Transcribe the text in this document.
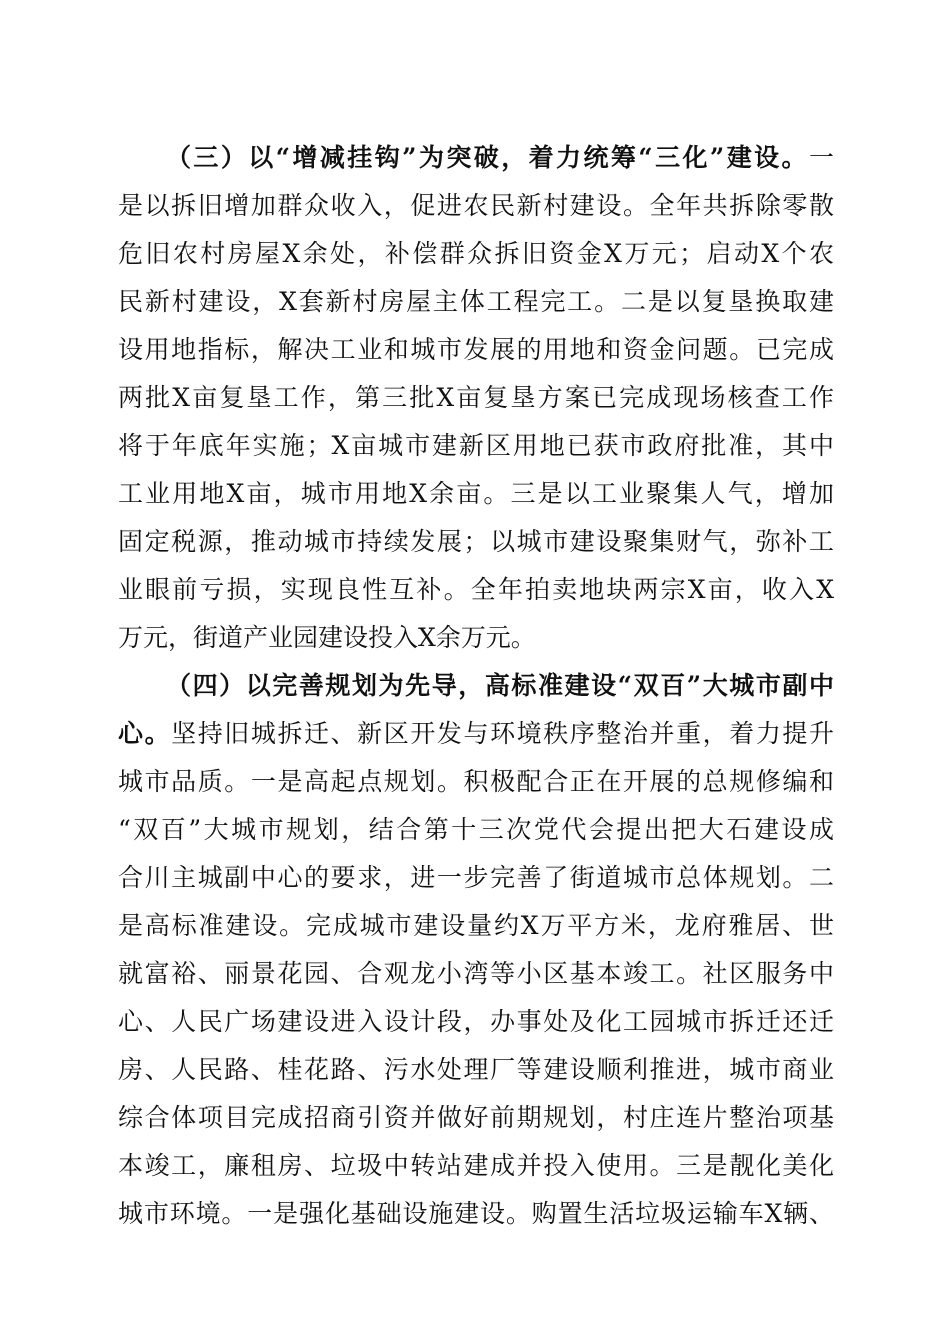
（三）以“增减挂钩”为突破，着力统筹“三化”建设。一
是以拆旧增加群众收入，促进农民新村建设。全年共拆除零散
危旧农村房屋X余处，补偿群众拆旧资金X万元；启动X个农
民新村建设，X套新村房屋主体工程完工。二是以复垦换取建
设用地指标，解决工业和城市发展的用地和资金问题。已完成
两批X亩复垦工作，第三批X亩复垦方案已完成现场核查工作
将于年底年实施；X亩城市建新区用地已获市政府批准，其中
工业用地X亩，城市用地X余亩。三是以工业聚集人气，增加
固定税源，推动城市持续发展；以城市建设聚集财气，弥补工
业眼前亏损，实现良性互补。全年拍卖地块两宗X亩，收入X
万元，街道产业园建设投入X余万元。
（四）以完善规划为先导，高标准建设“双百”大城市副中
心。坚持旧城拆迁、新区开发与环境秩序整治并重，着力提升
城市品质。一是高起点规划。积极配合正在开展的总规修编和
“双百”大城市规划，结合第十三次党代会提出把大石建设成
合川主城副中心的要求，进一步完善了街道城市总体规划。二
是高标准建设。完成城市建设量约X万平方米，龙府雅居、世
就富裕、丽景花园、合观龙小湾等小区基本竣工。社区服务中
心、人民广场建设进入设计段，办事处及化工园城市拆迁还迁
房、人民路、桂花路、污水处理厂等建设顺利推进，城市商业
综合体项目完成招商引资并做好前期规划，村庄连片整治项基
本竣工，廉租房、垃圾中转站建成并投入使用。三是靓化美化
城市环境。一是强化基础设施建设。购置生活垃圾运输车X辆、
